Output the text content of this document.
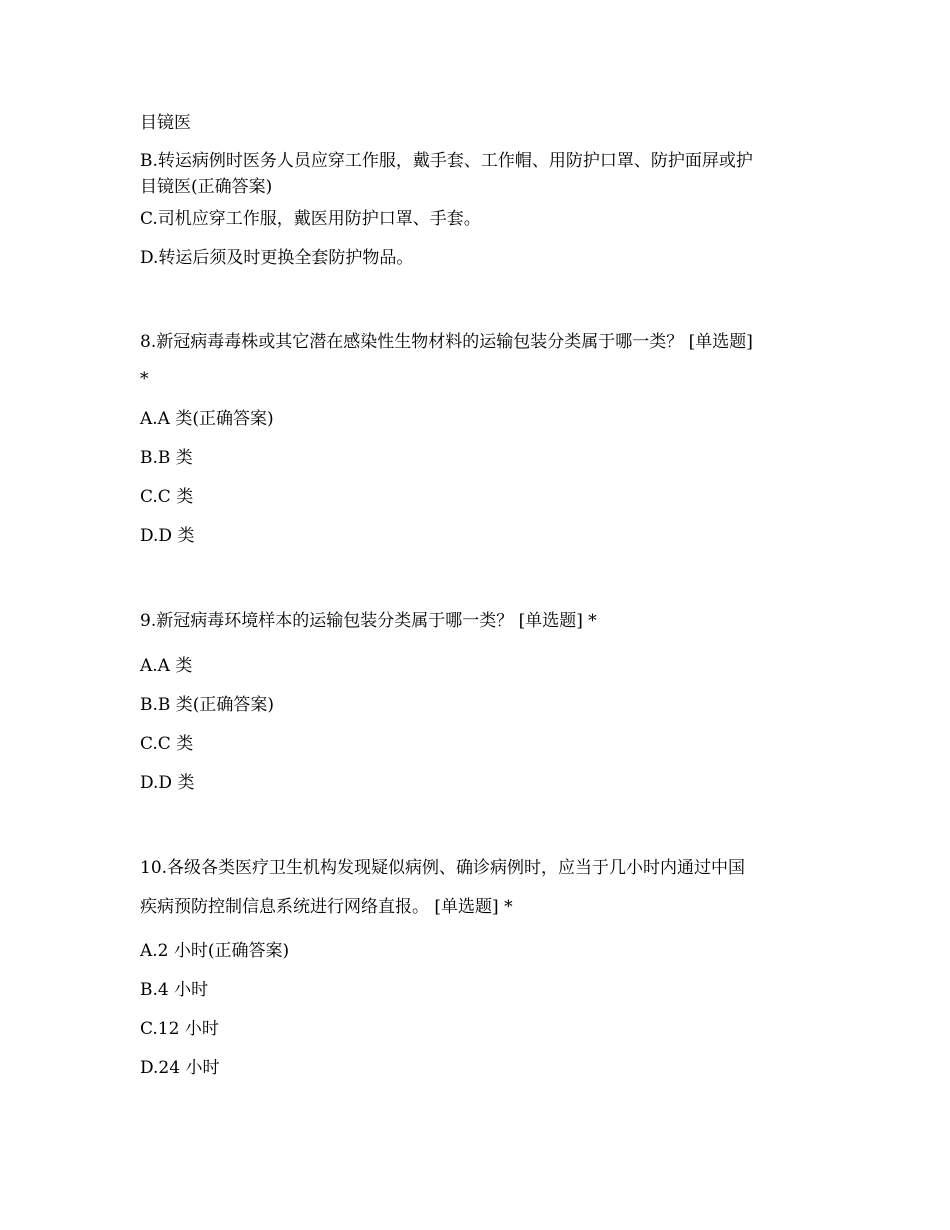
目镜医
B.转运病例时医务人员应穿工作服，戴手套、工作帽、用防护口罩、防护面屏或护
目镜医(正确答案)
C.司机应穿工作服，戴医用防护口罩、手套。
D.转运后须及时更换全套防护物品。
8.新冠病毒毒株或其它潜在感染性生物材料的运输包装分类属于哪一类？ [单选题]
*
A.A 类(正确答案)
B.B 类
C.C 类
D.D 类
9.新冠病毒环境样本的运输包装分类属于哪一类？ [单选题] *
A.A 类
B.B 类(正确答案)
C.C 类
D.D 类
10.各级各类医疗卫生机构发现疑似病例、确诊病例时，应当于几小时内通过中国
疾病预防控制信息系统进行网络直报。 [单选题] *
A.2 小时(正确答案)
B.4 小时
C.12 小时
D.24 小时
